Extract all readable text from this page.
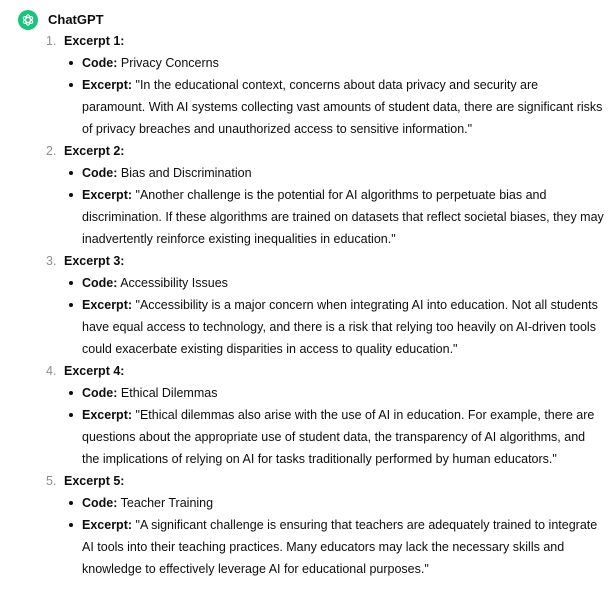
ChatGPT
1. Excerpt 1:
Code: Privacy Concerns
Excerpt: "In the educational context, concerns about data privacy and security are paramount. With AI systems collecting vast amounts of student data, there are significant risks of privacy breaches and unauthorized access to sensitive information."
2. Excerpt 2:
Code: Bias and Discrimination
Excerpt: "Another challenge is the potential for AI algorithms to perpetuate bias and discrimination. If these algorithms are trained on datasets that reflect societal biases, they may inadvertently reinforce existing inequalities in education."
3. Excerpt 3:
Code: Accessibility Issues
Excerpt: "Accessibility is a major concern when integrating AI into education. Not all students have equal access to technology, and there is a risk that relying too heavily on AI-driven tools could exacerbate existing disparities in access to quality education."
4. Excerpt 4:
Code: Ethical Dilemmas
Excerpt: "Ethical dilemmas also arise with the use of AI in education. For example, there are questions about the appropriate use of student data, the transparency of AI algorithms, and the implications of relying on AI for tasks traditionally performed by human educators."
5. Excerpt 5:
Code: Teacher Training
Excerpt: "A significant challenge is ensuring that teachers are adequately trained to integrate AI tools into their teaching practices. Many educators may lack the necessary skills and knowledge to effectively leverage AI for educational purposes."
